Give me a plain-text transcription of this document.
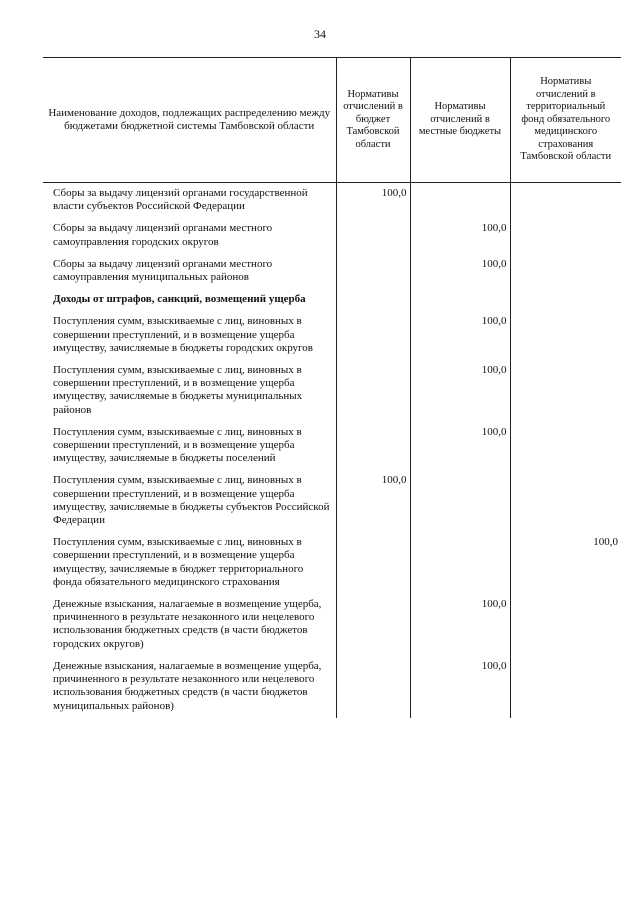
34
Наименование доходов, подлежащих распределению между бюджетами бюджетной системы Тамбовской области	Нормативы отчислений в бюджет Тамбовской области	Нормативы отчислений в местные бюджеты	Нормативы отчислений в территориальный фонд обязательного медицинского страхования Тамбовской области
Сборы за выдачу лицензий органами государственной власти субъектов Российской Федерации	100,0		
Сборы за выдачу лицензий органами местного самоуправления городских округов		100,0	
Сборы за выдачу лицензий органами местного самоуправления муниципальных районов		100,0	
Доходы от штрафов, санкций, возмещений ущерба			
Поступления сумм, взыскиваемые с лиц, виновных в совершении преступлений, и в возмещение ущерба имуществу, зачисляемые в бюджеты городских округов		100,0	
Поступления сумм, взыскиваемые с лиц, виновных в совершении преступлений, и в возмещение ущерба имуществу, зачисляемые в бюджеты муниципальных районов		100,0	
Поступления сумм, взыскиваемые с лиц, виновных в совершении преступлений, и в возмещение ущерба имуществу, зачисляемые в бюджеты поселений		100,0	
Поступления сумм, взыскиваемые с лиц, виновных в совершении преступлений, и в возмещение ущерба имуществу, зачисляемые в бюджеты субъектов Российской Федерации	100,0		
Поступления сумм, взыскиваемые с лиц, виновных в совершении преступлений, и в возмещение ущерба имуществу, зачисляемые в бюджет территориального фонда обязательного медицинского страхования			100,0
Денежные взыскания, налагаемые в возмещение ущерба, причиненного в результате незаконного или нецелевого использования бюджетных средств (в части бюджетов городских округов)		100,0	
Денежные взыскания, налагаемые в возмещение ущерба, причиненного в результате незаконного или нецелевого использования бюджетных средств (в части бюджетов муниципальных районов)		100,0	
